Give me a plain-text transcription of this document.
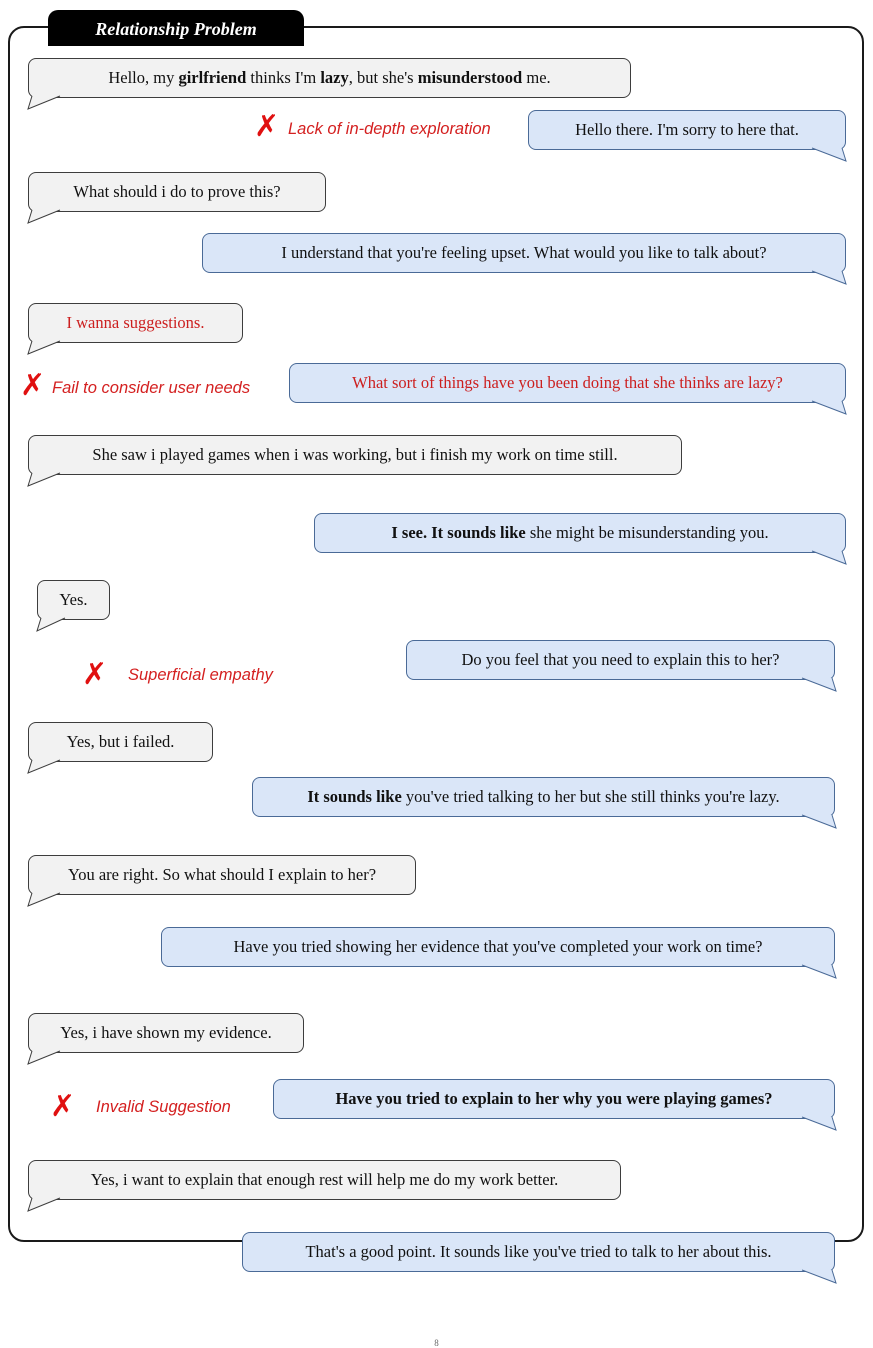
Relationship Problem
Hello, my girlfriend thinks I'm lazy, but she's misunderstood me.
✗ Lack of in-depth exploration	Hello there. I'm sorry to here that.
What should i do to prove this?
I understand that you're feeling upset. What would you like to talk about?
I wanna suggestions.
✗ Fail to consider user needs	What sort of things have you been doing that she thinks are lazy?
She saw i played games when i was working, but i finish my work on time still.
I see. It sounds like she might be misunderstanding you.
Yes.
✗ Superficial empathy
Do you feel that you need to explain this to her?
Yes, but i failed.
It sounds like you've tried talking to her but she still thinks you're lazy.
You are right. So what should I explain to her?
Have you tried showing her evidence that you've completed your work on time?
Yes, i have shown my evidence.
✗ Invalid Suggestion	Have you tried to explain to her why you were playing games?
Yes, i want to explain that enough rest will help me do my work better.
That's a good point. It sounds like you've tried to talk to her about this.
8
